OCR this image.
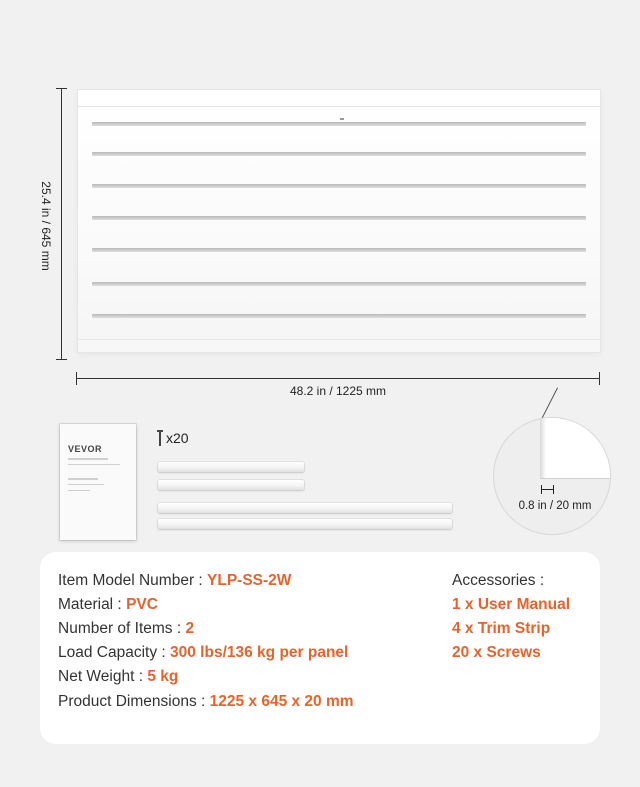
25.4 in / 645 mm
48.2 in / 1225 mm
0.8 in / 20 mm
VEVOR
x20
Item Model Number : YLP-SS-2W
Material : PVC
Number of Items : 2
Load Capacity : 300 lbs/136 kg per panel
Net Weight : 5 kg
Product Dimensions : 1225 x 645 x 20 mm
Accessories :
1 x User Manual
4 x Trim Strip
20 x Screws
